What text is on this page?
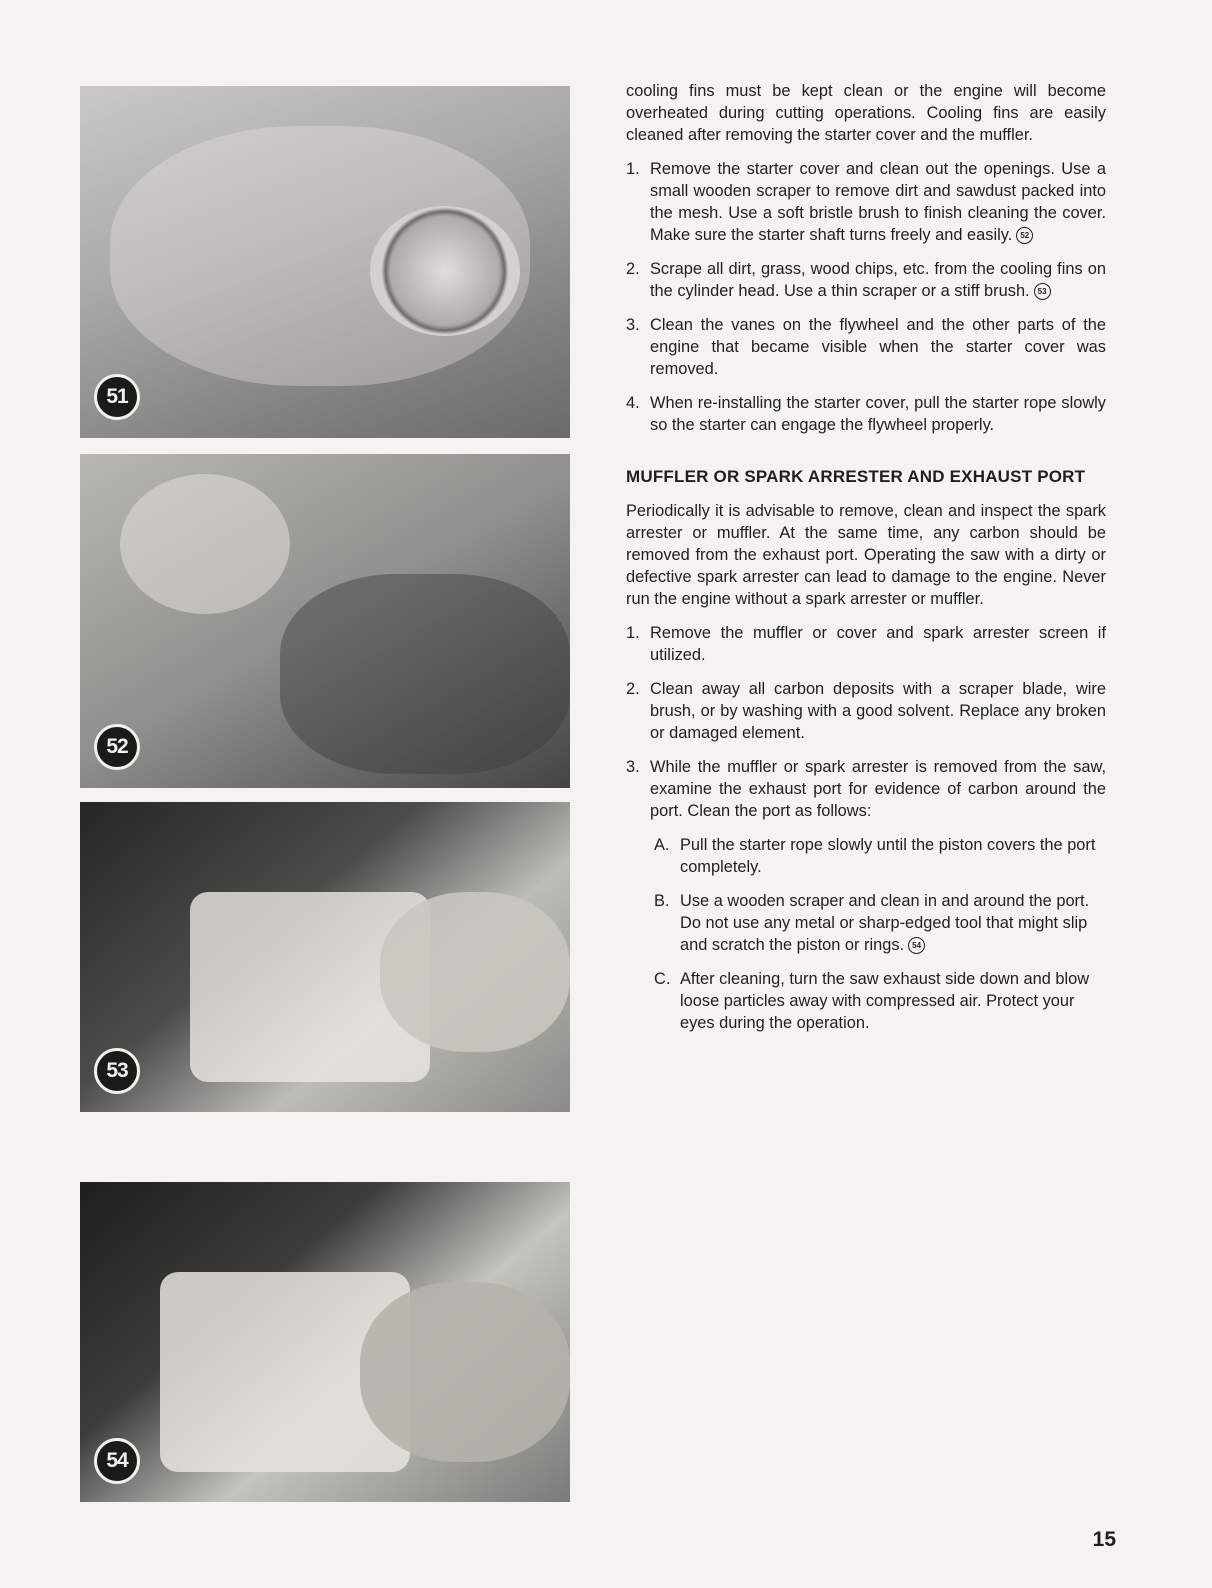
51
52
53
54

cooling fins must be kept clean or the engine will become overheated during cutting operations. Cooling fins are easily cleaned after removing the starter cover and the muffler.

1. Remove the starter cover and clean out the openings. Use a small wooden scraper to remove dirt and sawdust packed into the mesh. Use a soft bristle brush to finish cleaning the cover. Make sure the starter shaft turns freely and easily. 52
2. Scrape all dirt, grass, wood chips, etc. from the cooling fins on the cylinder head. Use a thin scraper or a stiff brush. 53
3. Clean the vanes on the flywheel and the other parts of the engine that became visible when the starter cover was removed.
4. When re-installing the starter cover, pull the starter rope slowly so the starter can engage the flywheel properly.
MUFFLER OR SPARK ARRESTER AND EXHAUST PORT

Periodically it is advisable to remove, clean and inspect the spark arrester or muffler. At the same time, any carbon should be removed from the exhaust port. Operating the saw with a dirty or defective spark arrester can lead to damage to the engine. Never run the engine without a spark arrester or muffler.

1. Remove the muffler or cover and spark arrester screen if utilized.
2. Clean away all carbon deposits with a scraper blade, wire brush, or by washing with a good solvent. Replace any broken or damaged element.
3. While the muffler or spark arrester is removed from the saw, examine the exhaust port for evidence of carbon around the port. Clean the port as follows:
A. Pull the starter rope slowly until the piston covers the port completely.
B. Use a wooden scraper and clean in and around the port. Do not use any metal or sharp-edged tool that might slip and scratch the piston or rings. 54
C. After cleaning, turn the saw exhaust side down and blow loose particles away with compressed air. Protect your eyes during the operation.
15
